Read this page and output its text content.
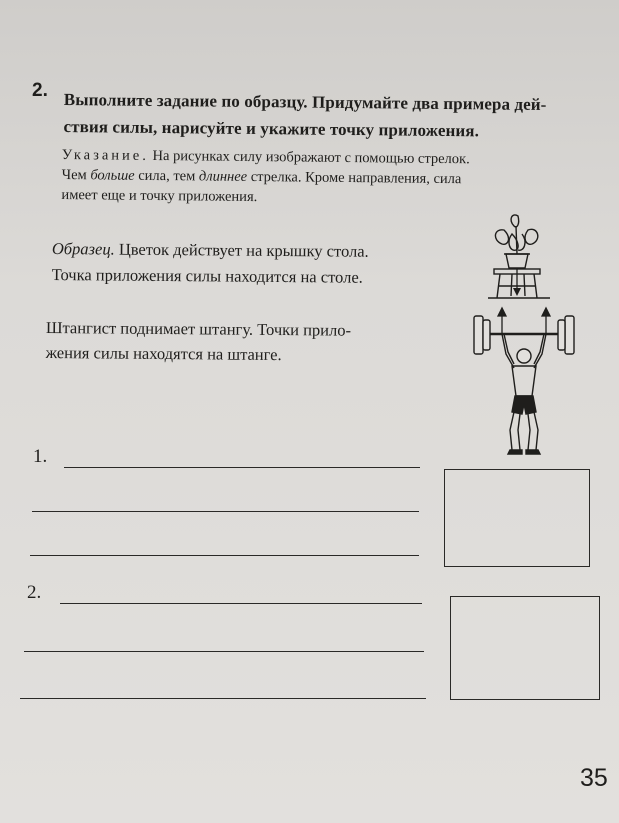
2. Выполните задание по образцу. Придумайте два примера дей-
ствия силы, нарисуйте и укажите точку приложения.
Указание. На рисунках силу изображают с помощью стрелок.
Чем больше сила, тем длиннее стрелка. Кроме направления, сила
имеет еще и точку приложения.
Образец. Цветок действует на крышку стола.
Точка приложения силы находится на столе.
Штангист поднимает штангу. Точки прило-
жения силы находятся на штанге.
1.
2.
35
